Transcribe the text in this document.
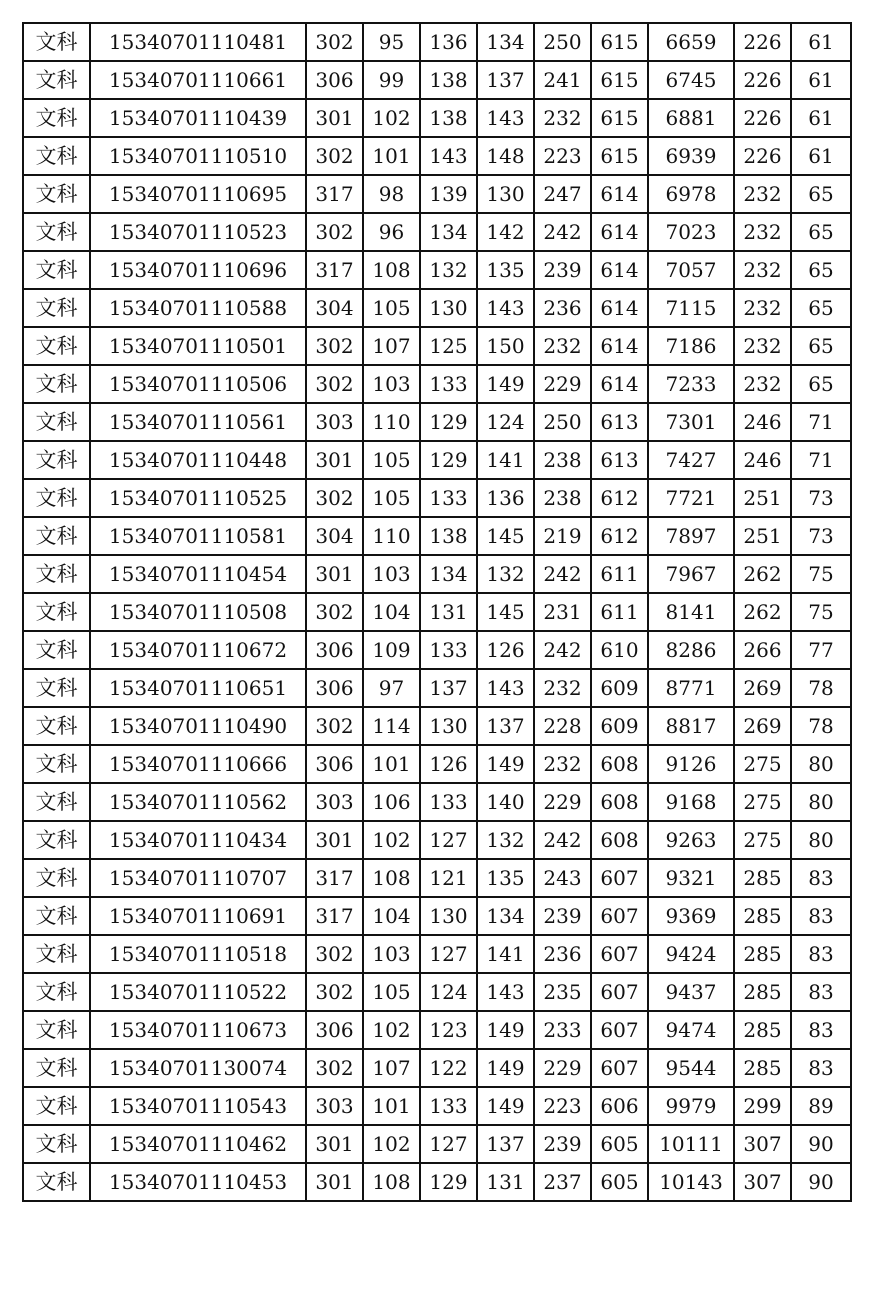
文科	15340701110481	302	95	136	134	250	615	6659	226	61
文科	15340701110661	306	99	138	137	241	615	6745	226	61
文科	15340701110439	301	102	138	143	232	615	6881	226	61
文科	15340701110510	302	101	143	148	223	615	6939	226	61
文科	15340701110695	317	98	139	130	247	614	6978	232	65
文科	15340701110523	302	96	134	142	242	614	7023	232	65
文科	15340701110696	317	108	132	135	239	614	7057	232	65
文科	15340701110588	304	105	130	143	236	614	7115	232	65
文科	15340701110501	302	107	125	150	232	614	7186	232	65
文科	15340701110506	302	103	133	149	229	614	7233	232	65
文科	15340701110561	303	110	129	124	250	613	7301	246	71
文科	15340701110448	301	105	129	141	238	613	7427	246	71
文科	15340701110525	302	105	133	136	238	612	7721	251	73
文科	15340701110581	304	110	138	145	219	612	7897	251	73
文科	15340701110454	301	103	134	132	242	611	7967	262	75
文科	15340701110508	302	104	131	145	231	611	8141	262	75
文科	15340701110672	306	109	133	126	242	610	8286	266	77
文科	15340701110651	306	97	137	143	232	609	8771	269	78
文科	15340701110490	302	114	130	137	228	609	8817	269	78
文科	15340701110666	306	101	126	149	232	608	9126	275	80
文科	15340701110562	303	106	133	140	229	608	9168	275	80
文科	15340701110434	301	102	127	132	242	608	9263	275	80
文科	15340701110707	317	108	121	135	243	607	9321	285	83
文科	15340701110691	317	104	130	134	239	607	9369	285	83
文科	15340701110518	302	103	127	141	236	607	9424	285	83
文科	15340701110522	302	105	124	143	235	607	9437	285	83
文科	15340701110673	306	102	123	149	233	607	9474	285	83
文科	15340701130074	302	107	122	149	229	607	9544	285	83
文科	15340701110543	303	101	133	149	223	606	9979	299	89
文科	15340701110462	301	102	127	137	239	605	10111	307	90
文科	15340701110453	301	108	129	131	237	605	10143	307	90
